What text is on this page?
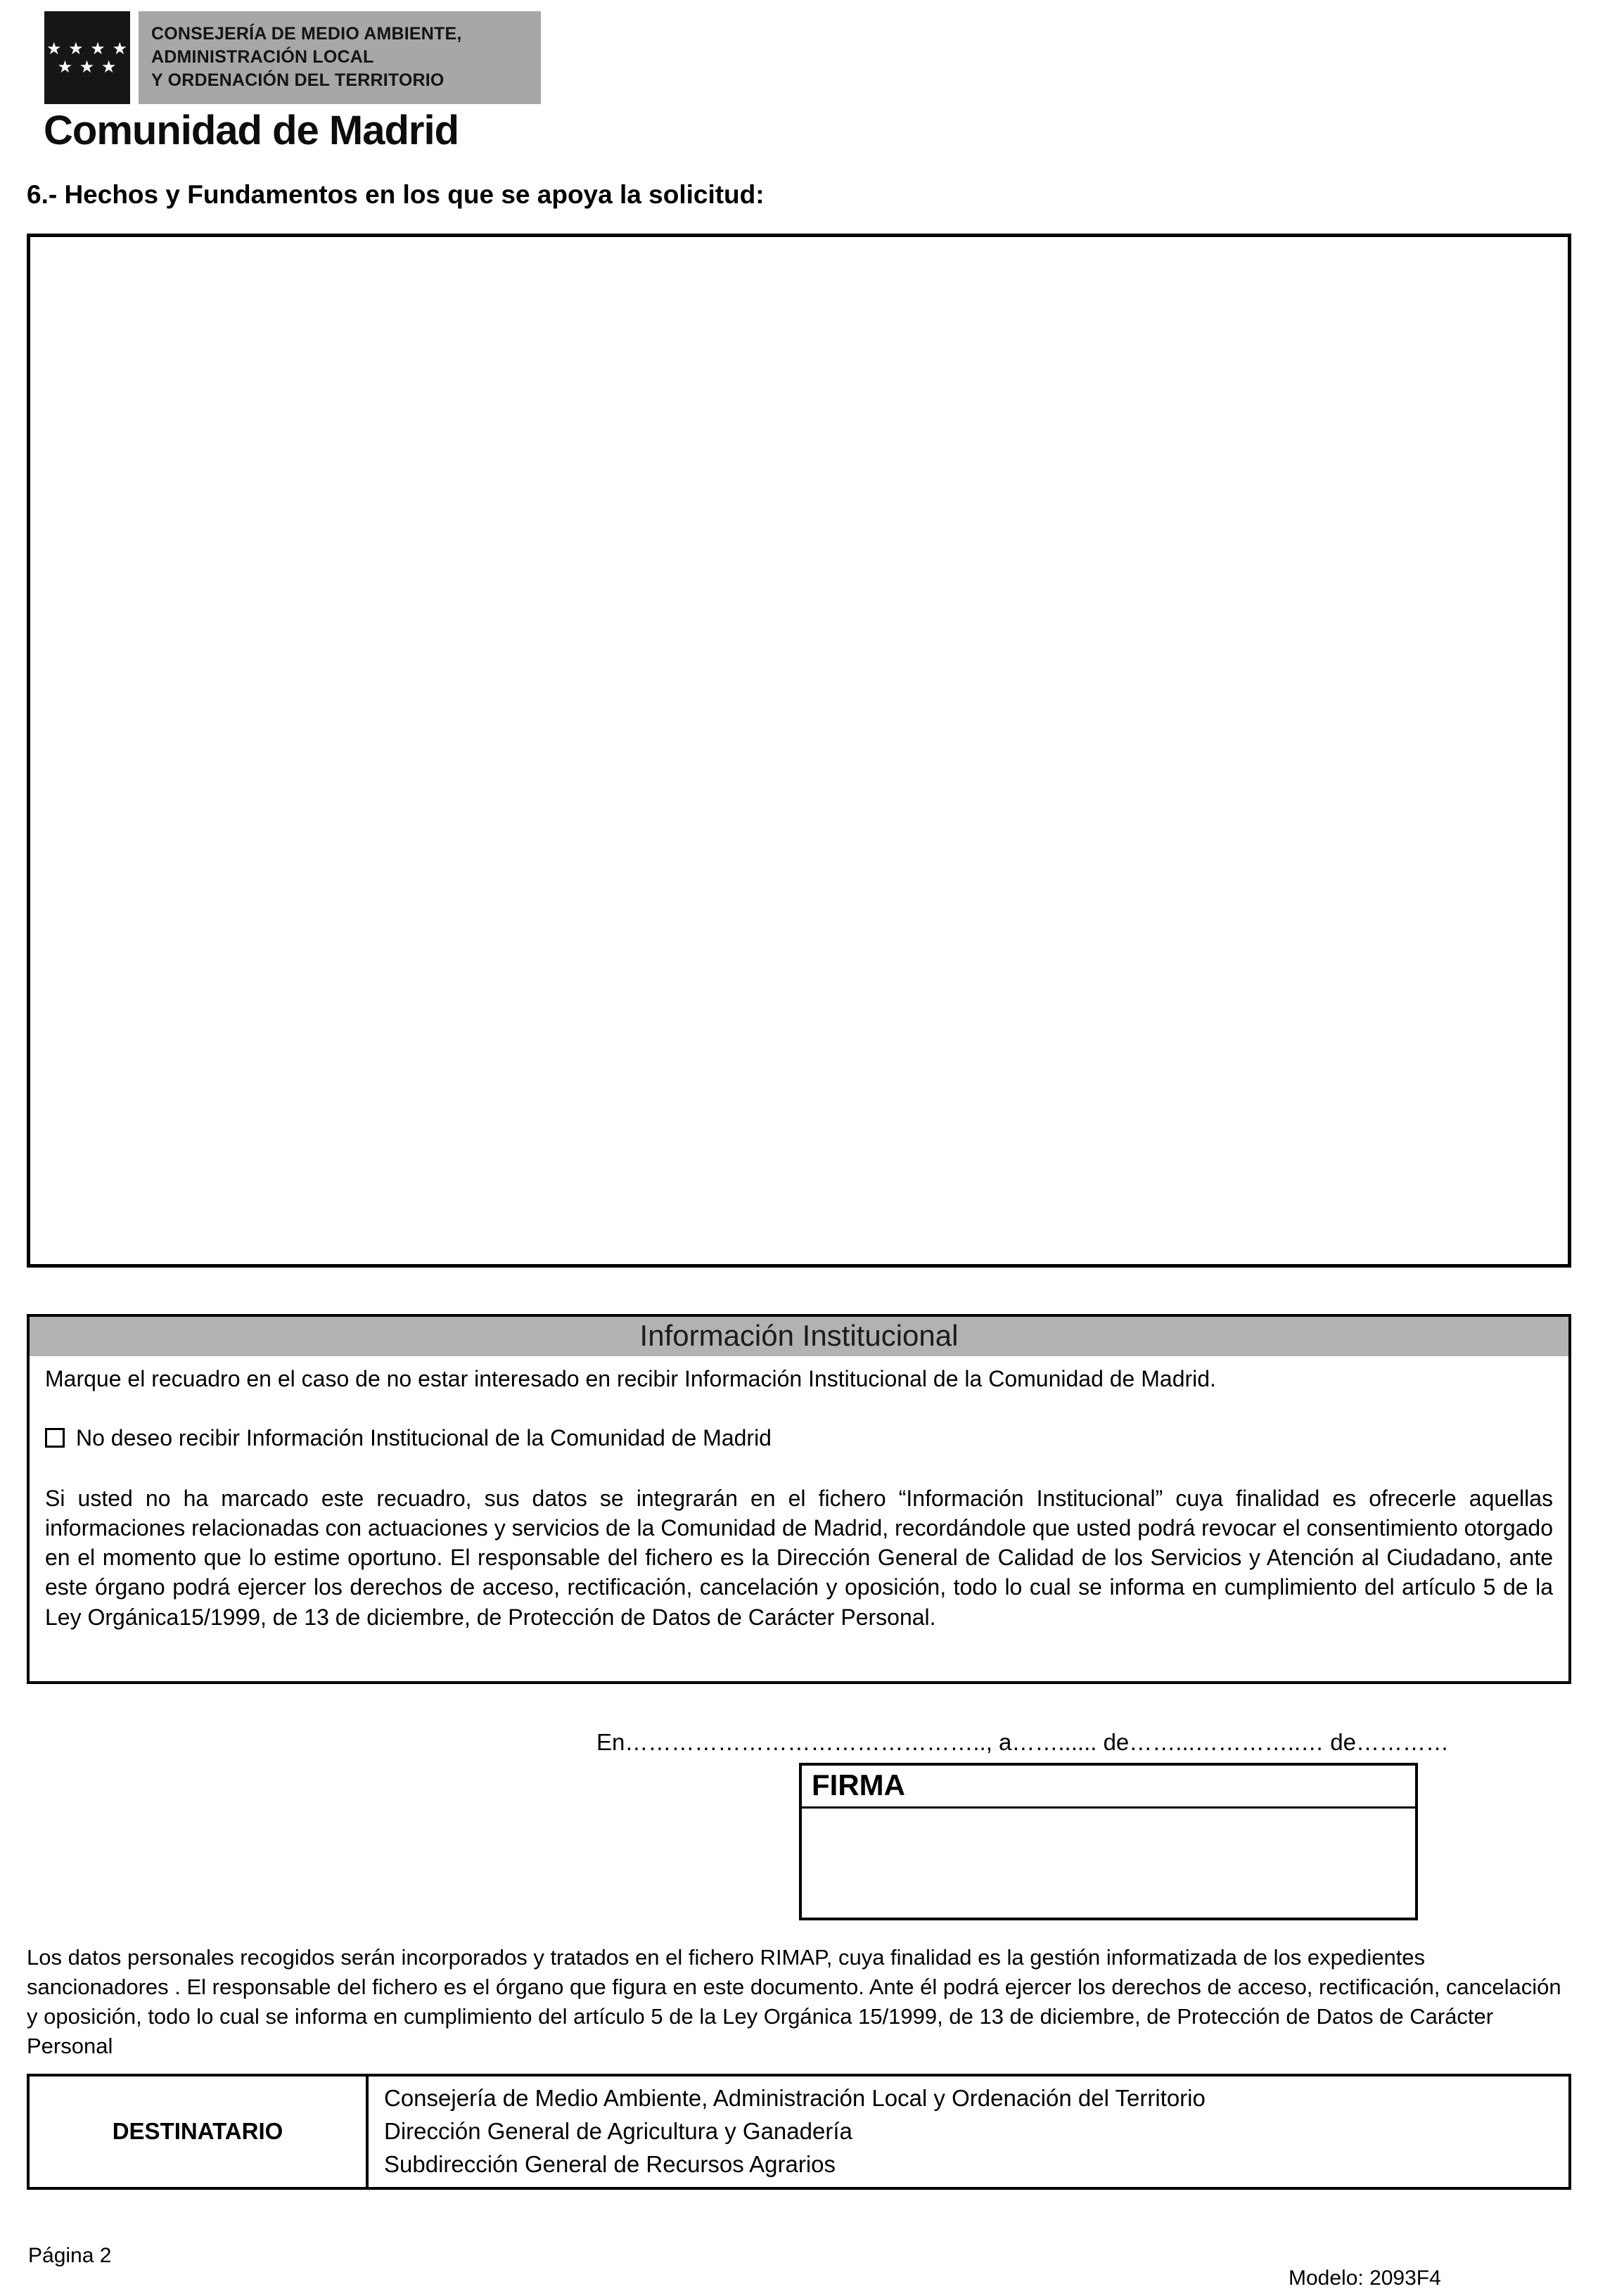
★ ★ ★ ★
★ ★ ★
CONSEJERÍA DE MEDIO AMBIENTE,
ADMINISTRACIÓN LOCAL
Y ORDENACIÓN DEL TERRITORIO
Comunidad de Madrid
6.- Hechos y Fundamentos en los que se apoya la solicitud:
Información Institucional
Marque el recuadro en el caso de no estar interesado en recibir Información Institucional de la Comunidad de Madrid.
No deseo recibir Información Institucional de la Comunidad de Madrid
Si usted no ha marcado este recuadro, sus datos se integrarán en el fichero “Información Institucional” cuya finalidad es ofrecerle aquellas informaciones relacionadas con actuaciones y servicios de la Comunidad de Madrid, recordándole que usted podrá revocar el consentimiento otorgado en el momento que lo estime oportuno. El responsable del fichero es la Dirección General de Calidad de los Servicios y Atención al Ciudadano, ante este órgano podrá ejercer los derechos de acceso, rectificación, cancelación y oposición, todo lo cual se informa en cumplimiento del artículo 5 de la Ley Orgánica15/1999, de 13 de diciembre, de Protección de Datos de Carácter Personal.
En……………………………………….., a……...... de……...…………..… de…………
FIRMA
Los datos personales recogidos serán incorporados y tratados en el fichero RIMAP, cuya finalidad es la gestión informatizada de los expedientes sancionadores . El responsable del fichero es el órgano que figura en este documento. Ante él podrá ejercer los derechos de acceso, rectificación, cancelación y oposición, todo lo cual se informa en cumplimiento del artículo 5 de la Ley Orgánica 15/1999, de 13 de diciembre, de Protección de Datos de Carácter Personal
DESTINATARIO
Consejería de Medio Ambiente, Administración Local y Ordenación del Territorio
Dirección General de Agricultura y Ganadería
Subdirección General de Recursos Agrarios
Página 2
Modelo: 2093F4
